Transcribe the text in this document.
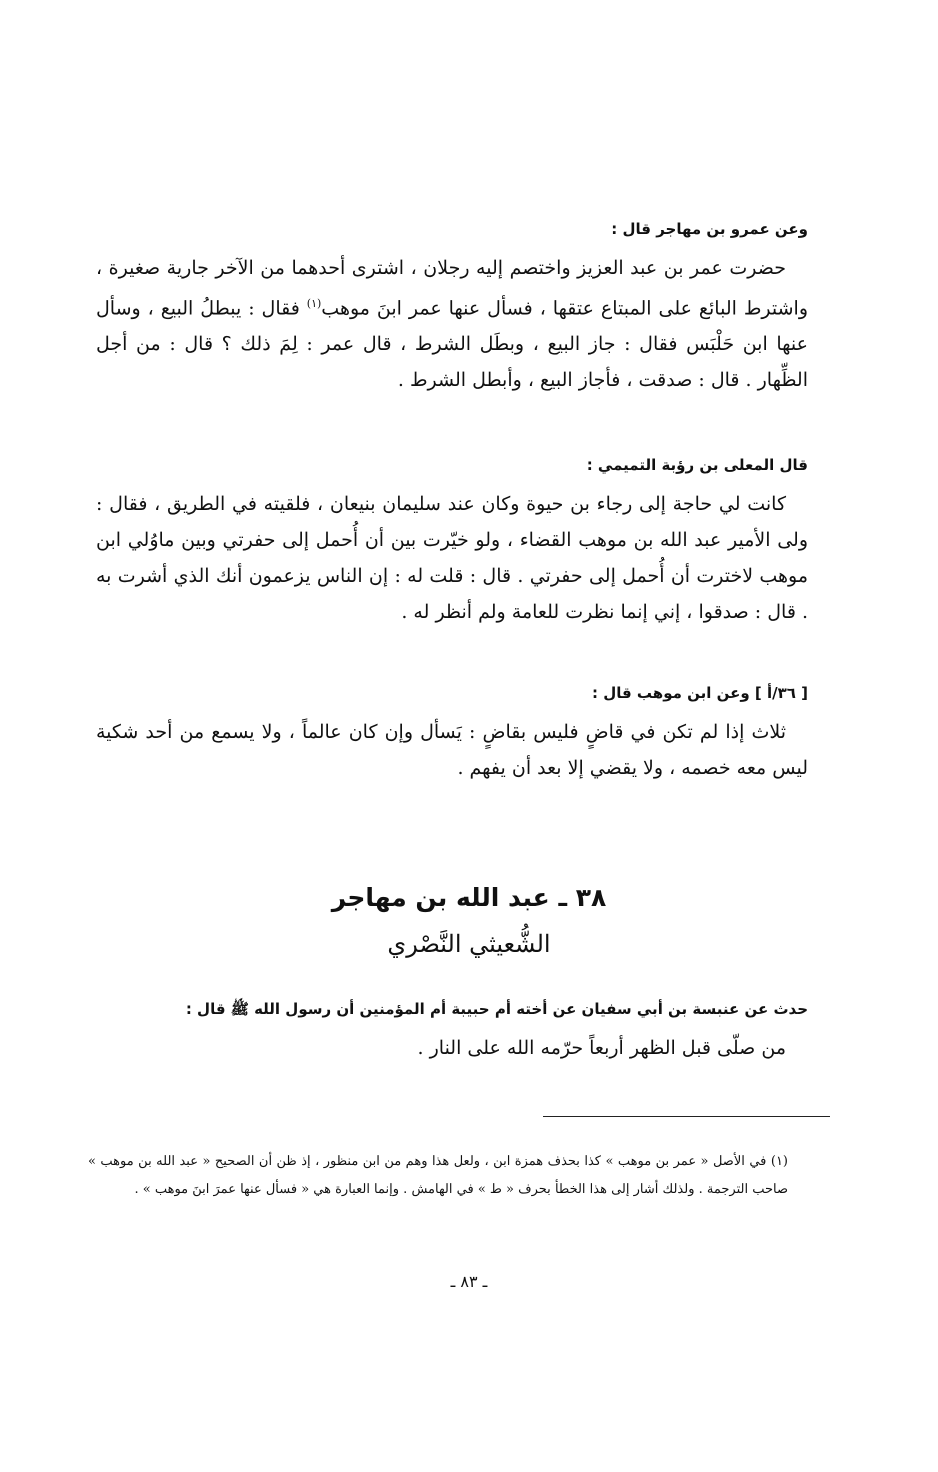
وعن عمرو بن مهاجر قال :

حضرت عمر بن عبد العزيز واختصم إليه رجلان ، اشترى أحدهما من الآخر جارية صغيرة ، واشترط البائع على المبتاع عتقها ، فسأل عنها عمر ابنَ موهب$^{(١)}$ فقال : يبطلُ البيع ، وسأل عنها ابن حَلْبَس فقال : جاز البيع ، وبطَل الشرط ، قال عمر : لِمَ ذلك ؟ قال : من أجل الظِّهار . قال : صدقت ، فأجاز البيع ، وأبطل الشرط .

قال المعلى بن رؤبة التميمي :

كانت لي حاجة إلى رجاء بن حيوة وكان عند سليمان بنيعان ، فلقيته في الطريق ، فقال : ولى الأمير عبد الله بن موهب القضاء ، ولو خيّرت بين أن أُحمل إلى حفرتي وبين ماوُلي ابن موهب لاخترت أن أُحمل إلى حفرتي . قال : قلت له : إن الناس يزعمون أنك الذي أشرت به . قال : صدقوا ، إني إنما نظرت للعامة ولم أنظر له .

[ ٣٦/أ ] وعن ابن موهب قال :

ثلاث إذا لم تكن في قاضٍ فليس بقاضٍ : يَسأل وإن كان عالماً ، ولا يسمع من أحد شكية ليس معه خصمه ، ولا يقضي إلا بعد أن يفهم .

٣٨ ـ عبد الله بن مهاجر
الشُّعيثي النَّصْري
حدث عن عنبسة بن أبي سفيان عن أخته أم حبيبة أم المؤمنين أن رسول الله ﷺ قال :

من صلّى قبل الظهر أربعاً حرّمه الله على النار .

(١) في الأصل « عمر بن موهب » كذا بحذف همزة ابن ، ولعل هذا وهم من ابن منظور ، إذ ظن أن الصحيح « عبد الله بن موهب » صاحب الترجمة . ولذلك أشار إلى هذا الخطأ بحرف « ط » في الهامش . وإنما العبارة هي « فسأل عنها عمرَ ابنَ موهب » .

ـ ٨٣ ـ
